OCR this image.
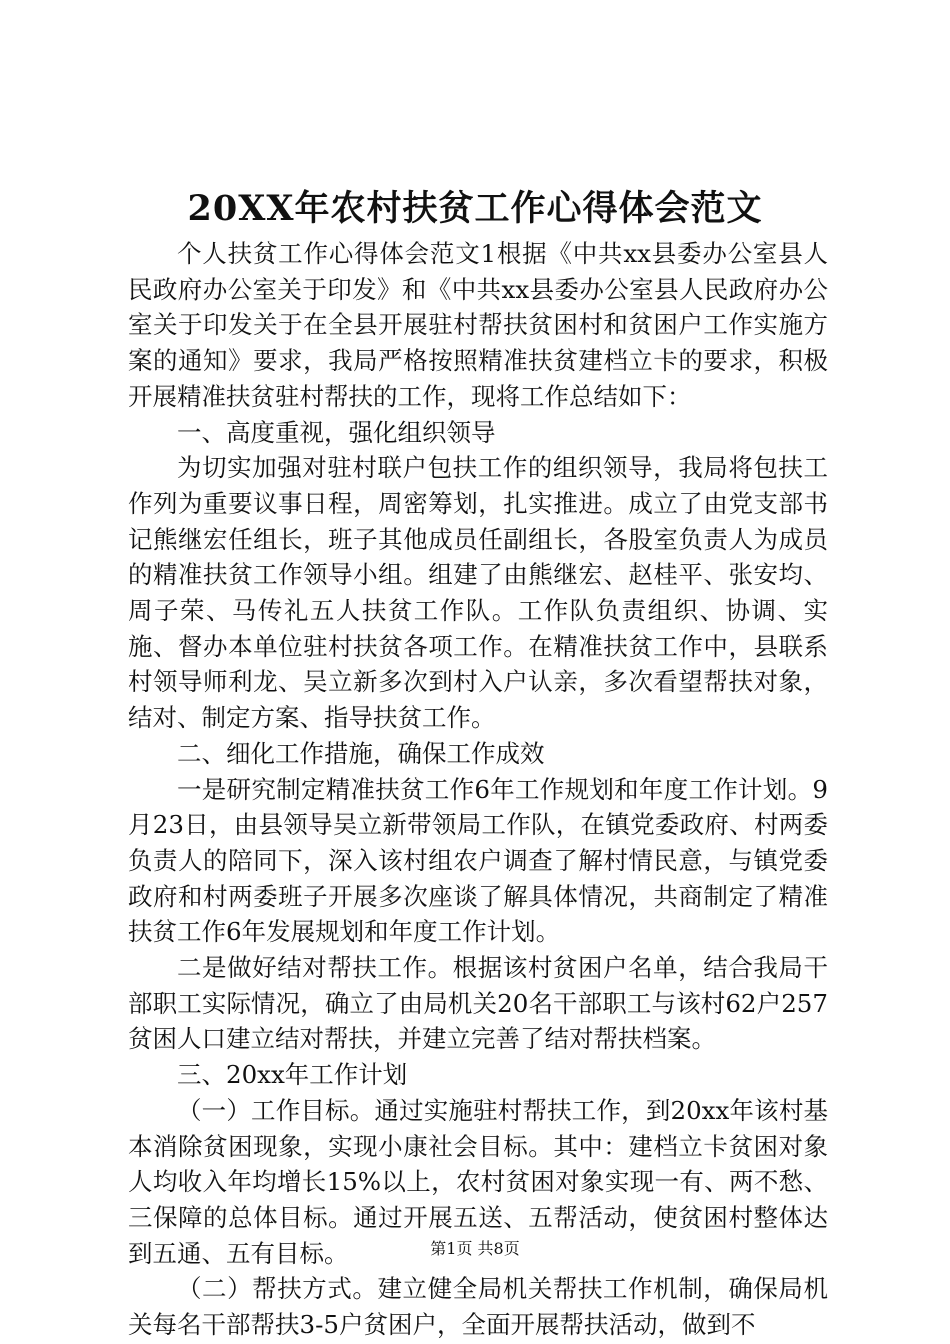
20XX年农村扶贫工作心得体会范文

个人扶贫工作心得体会范文1根据《中共xx县委办公室县人民政府办公室关于印发》和《中共xx县委办公室县人民政府办公室关于印发关于在全县开展驻村帮扶贫困村和贫困户工作实施方案的通知》要求，我局严格按照精准扶贫建档立卡的要求，积极开展精准扶贫驻村帮扶的工作，现将工作总结如下：

一、高度重视，强化组织领导

为切实加强对驻村联户包扶工作的组织领导，我局将包扶工作列为重要议事日程，周密筹划，扎实推进。成立了由党支部书记熊继宏任组长，班子其他成员任副组长，各股室负责人为成员的精准扶贫工作领导小组。组建了由熊继宏、赵桂平、张安均、周子荣、马传礼五人扶贫工作队。工作队负责组织、协调、实施、督办本单位驻村扶贫各项工作。在精准扶贫工作中，县联系村领导师利龙、吴立新多次到村入户认亲，多次看望帮扶对象，结对、制定方案、指导扶贫工作。

二、细化工作措施，确保工作成效

一是研究制定精准扶贫工作6年工作规划和年度工作计划。9月23日，由县领导吴立新带领局工作队，在镇党委政府、村两委负责人的陪同下，深入该村组农户调查了解村情民意，与镇党委政府和村两委班子开展多次座谈了解具体情况，共商制定了精准扶贫工作6年发展规划和年度工作计划。

二是做好结对帮扶工作。根据该村贫困户名单，结合我局干部职工实际情况，确立了由局机关20名干部职工与该村62户257贫困人口建立结对帮扶，并建立完善了结对帮扶档案。

三、20xx年工作计划

（一）工作目标。通过实施驻村帮扶工作，到20xx年该村基本消除贫困现象，实现小康社会目标。其中：建档立卡贫困对象人均收入年均增长15%以上，农村贫困对象实现一有、两不愁、三保障的总体目标。通过开展五送、五帮活动，使贫困村整体达到五通、五有目标。

（二）帮扶方式。建立健全局机关帮扶工作机制，确保局机关每名干部帮扶3-5户贫困户，全面开展帮扶活动，做到不

第1页 共8页
